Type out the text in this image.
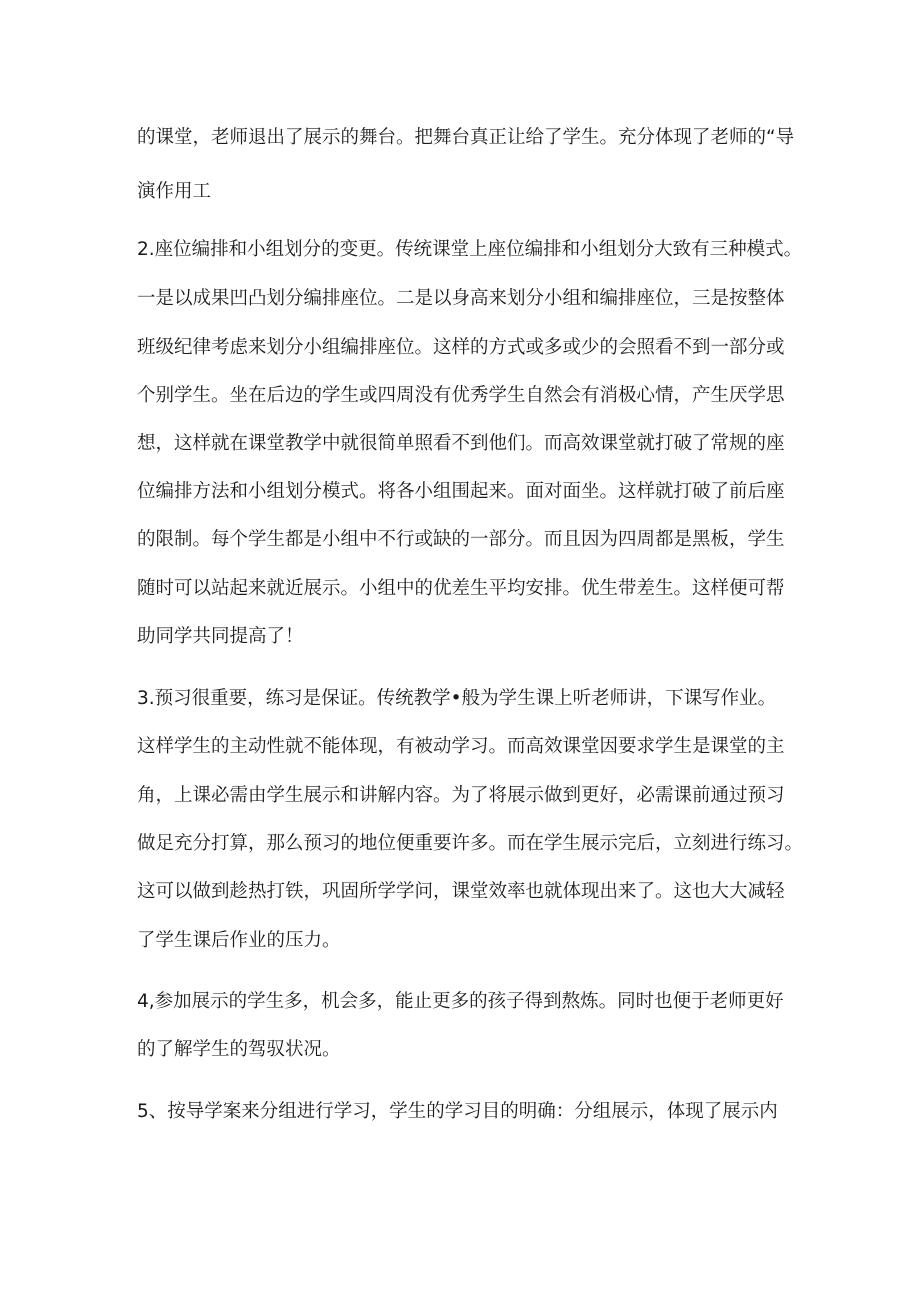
的课堂，老师退出了展示的舞台。把舞台真正让给了学生。充分体现了老师的“导

演作用工

2.座位编排和小组划分的变更。传统课堂上座位编排和小组划分大致有三种模式。

一是以成果凹凸划分编排座位。二是以身高来划分小组和编排座位，三是按整体

班级纪律考虑来划分小组编排座位。这样的方式或多或少的会照看不到一部分或

个别学生。坐在后边的学生或四周没有优秀学生自然会有消极心情，产生厌学思

想，这样就在课堂教学中就很简单照看不到他们。而高效课堂就打破了常规的座

位编排方法和小组划分模式。将各小组围起来。面对面坐。这样就打破了前后座

的限制。每个学生都是小组中不行或缺的一部分。而且因为四周都是黑板，学生

随时可以站起来就近展示。小组中的优差生平均安排。优生带差生。这样便可帮

助同学共同提高了！

3.预习很重要，练习是保证。传统教学•般为学生课上听老师讲，下课写作业。

这样学生的主动性就不能体现，有被动学习。而高效课堂因要求学生是课堂的主

角，上课必需由学生展示和讲解内容。为了将展示做到更好，必需课前通过预习

做足充分打算，那么预习的地位便重要许多。而在学生展示完后，立刻进行练习。

这可以做到趁热打铁，巩固所学学问，课堂效率也就体现出来了。这也大大减轻

了学生课后作业的压力。

4,参加展示的学生多，机会多，能止更多的孩子得到熬炼。同时也便于老师更好

的了解学生的驾驭状况。

5、按导学案来分组进行学习，学生的学习目的明确：分组展示，体现了展示内
